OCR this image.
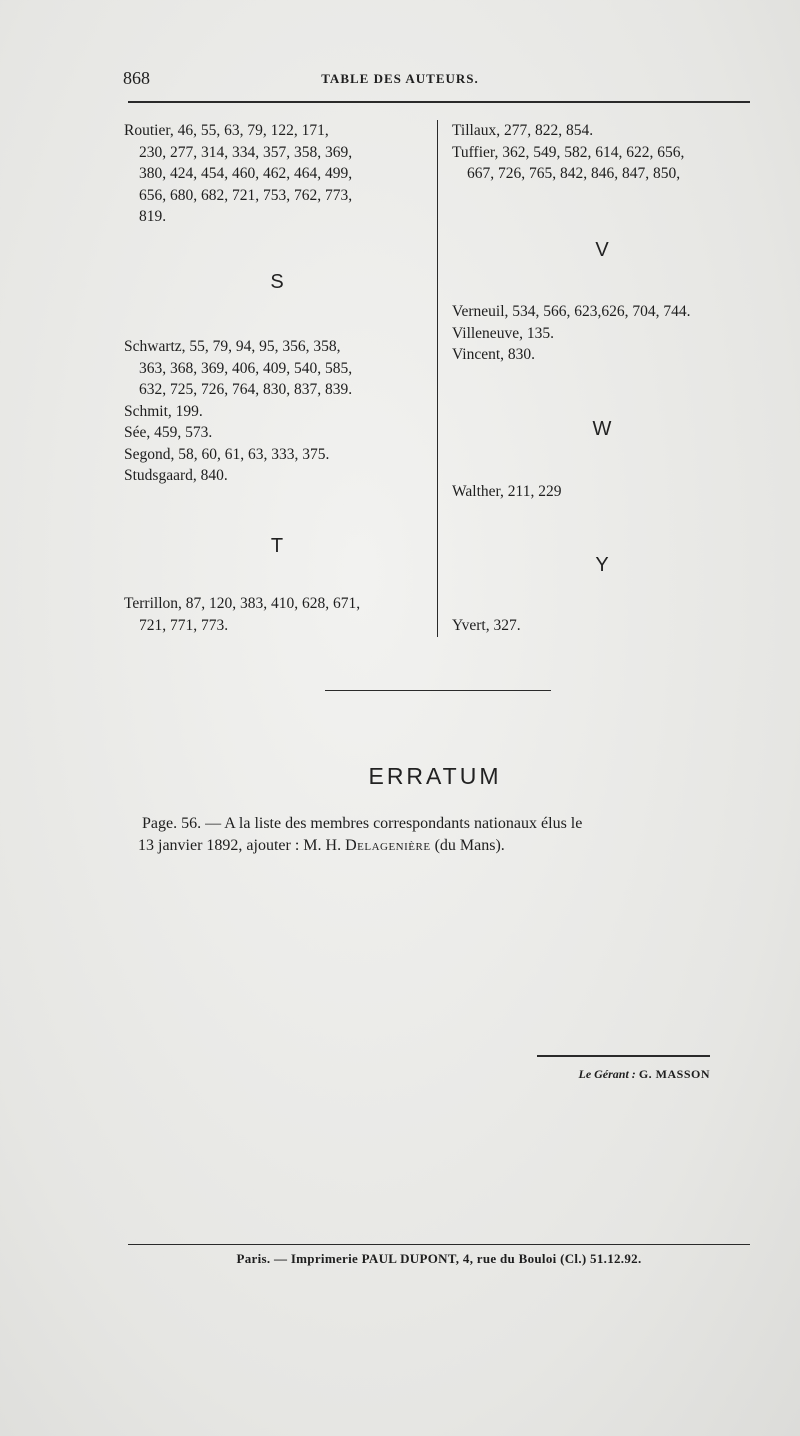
868	TABLE DES AUTEURS.

Routier, 46, 55, 63, 79, 122, 171,
230, 277, 314, 334, 357, 358, 369,
380, 424, 454, 460, 462, 464, 499,
656, 680, 682, 721, 753, 762, 773,
819.

S

Schwartz, 55, 79, 94, 95, 356, 358,
363, 368, 369, 406, 409, 540, 585,
632, 725, 726, 764, 830, 837, 839.

Schmit, 199.

Sée, 459, 573.

Segond, 58, 60, 61, 63, 333, 375.

Studsgaard, 840.

T

Terrillon, 87, 120, 383, 410, 628, 671,
721, 771, 773.

Tillaux, 277, 822, 854.

Tuffier, 362, 549, 582, 614, 622, 656,
667, 726, 765, 842, 846, 847, 850,

V

Verneuil, 534, 566, 623,626, 704, 744.

Villeneuve, 135.

Vincent, 830.

W

Walther, 211, 229

Y

Yvert, 327.

ERRATUM
Page. 56. — A la liste des membres correspondants nationaux élus le
13 janvier 1892, ajouter : M. H. Delagenière (du Mans).
Le Gérant : G. MASSON
Paris. — Imprimerie PAUL DUPONT, 4, rue du Bouloi (Cl.) 51.12.92.
